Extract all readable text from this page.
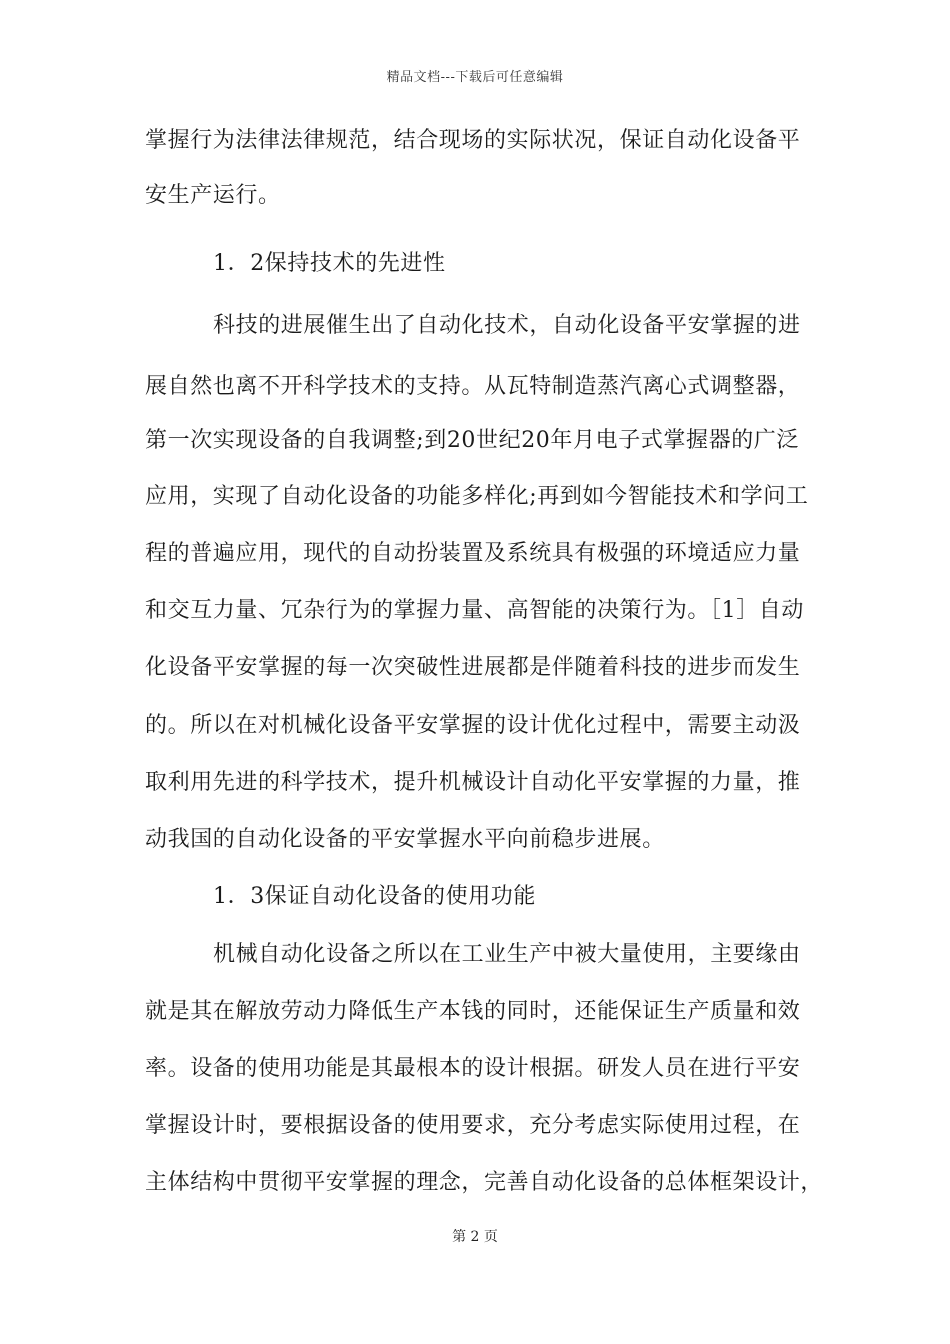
精品文档---下载后可任意编辑
掌握行为法律法律规范，结合现场的实际状况，保证自动化设备平
安生产运行。
1．2保持技术的先进性
科技的进展催生出了自动化技术，自动化设备平安掌握的进
展自然也离不开科学技术的支持。从瓦特制造蒸汽离心式调整器，
第一次实现设备的自我调整;到20世纪20年月电子式掌握器的广泛
应用，实现了自动化设备的功能多样化;再到如今智能技术和学问工
程的普遍应用，现代的自动扮装置及系统具有极强的环境适应力量
和交互力量、冗杂行为的掌握力量、高智能的决策行为。［1］自动
化设备平安掌握的每一次突破性进展都是伴随着科技的进步而发生
的。所以在对机械化设备平安掌握的设计优化过程中，需要主动汲
取利用先进的科学技术，提升机械设计自动化平安掌握的力量，推
动我国的自动化设备的平安掌握水平向前稳步进展。
1．3保证自动化设备的使用功能
机械自动化设备之所以在工业生产中被大量使用，主要缘由
就是其在解放劳动力降低生产本钱的同时，还能保证生产质量和效
率。设备的使用功能是其最根本的设计根据。研发人员在进行平安
掌握设计时，要根据设备的使用要求，充分考虑实际使用过程，在
主体结构中贯彻平安掌握的理念，完善自动化设备的总体框架设计，
第 2 页
